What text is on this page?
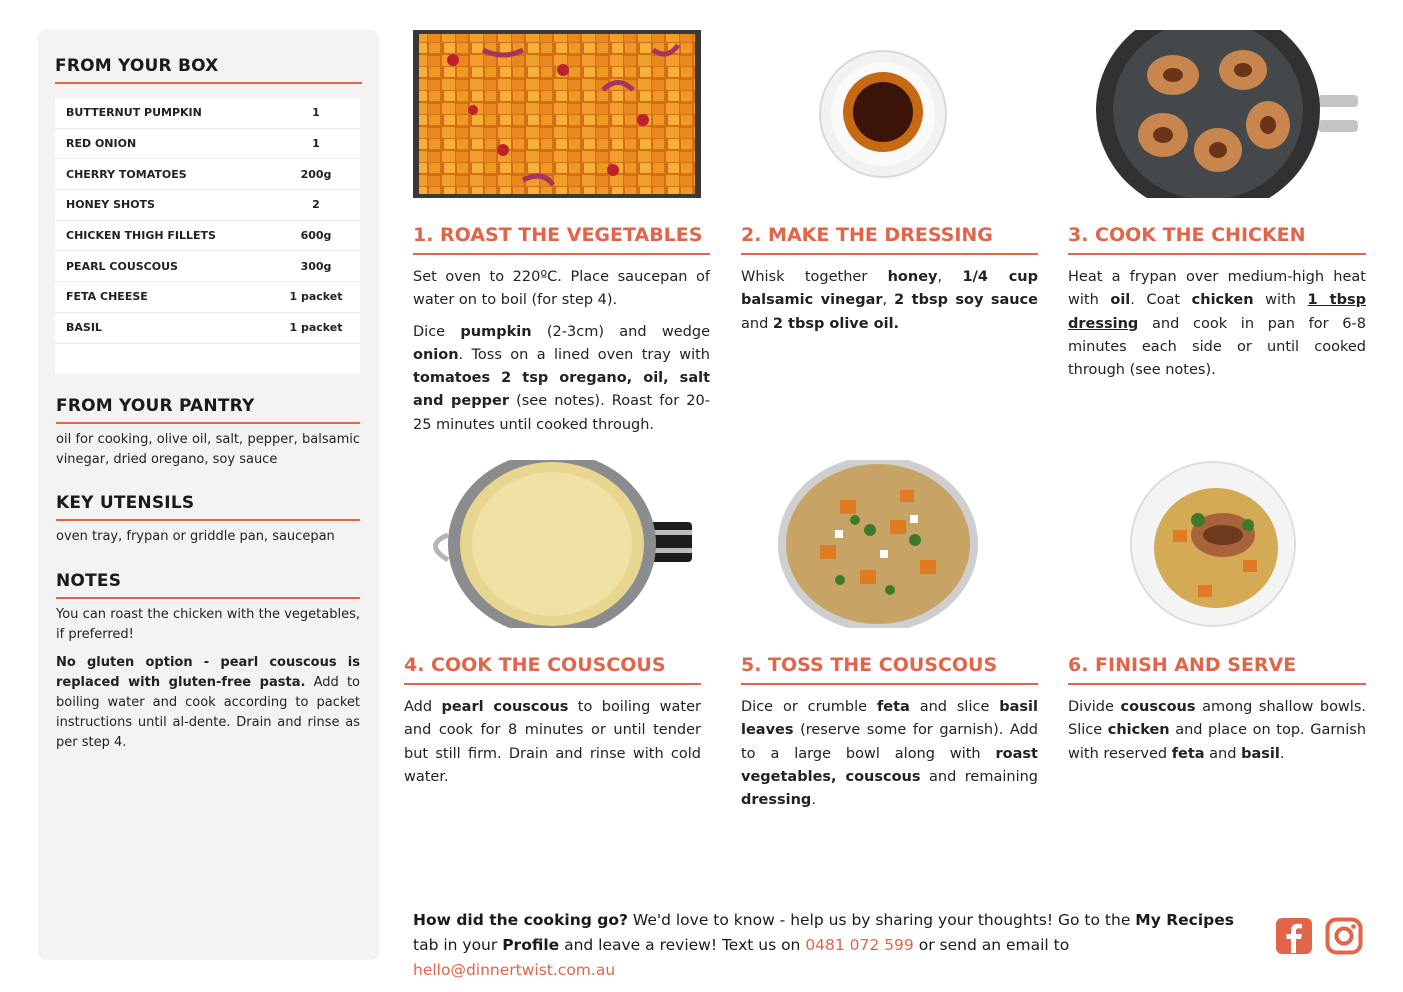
FROM YOUR BOX
BUTTERNUT PUMPKIN	1
RED ONION	1
CHERRY TOMATOES	200g
HONEY SHOTS	2
CHICKEN THIGH FILLETS	600g
PEARL COUSCOUS	300g
FETA CHEESE	1 packet
BASIL	1 packet
FROM YOUR PANTRY
oil for cooking, olive oil, salt, pepper, balsamic vinegar, dried oregano, soy sauce
KEY UTENSILS
oven tray, frypan or griddle pan, saucepan
NOTES

You can roast the chicken with the vegetables, if preferred!

No gluten option - pearl couscous is replaced with gluten-free pasta. Add to boiling water and cook according to packet instructions until al-dente. Drain and rinse as per step 4.

1. ROAST THE VEGETABLES

Set oven to 220ºC. Place saucepan of water on to boil (for step 4).

Dice pumpkin (2-3cm) and wedge onion. Toss on a lined oven tray with tomatoes 2 tsp oregano, oil, salt and pepper (see notes). Roast for 20-25 minutes until cooked through.

2. MAKE THE DRESSING

Whisk together honey, 1/4 cup balsamic vinegar, 2 tbsp soy sauce and 2 tbsp olive oil.

3. COOK THE CHICKEN

Heat a frypan over medium-high heat with oil. Coat chicken with 1 tbsp dressing and cook in pan for 6-8 minutes each side or until cooked through (see notes).

4. COOK THE COUSCOUS

Add pearl couscous to boiling water and cook for 8 minutes or until tender but still firm. Drain and rinse with cold water.

5. TOSS THE COUSCOUS

Dice or crumble feta and slice basil leaves (reserve some for garnish). Add to a large bowl along with roast vegetables, couscous and remaining dressing.

6. FINISH AND SERVE

Divide couscous among shallow bowls. Slice chicken and place on top. Garnish with reserved feta and basil.

How did the cooking go? We'd love to know - help us by sharing your thoughts! Go to the My Recipes tab in your Profile and leave a review! Text us on 0481 072 599 or send an email to hello@dinnertwist.com.au
